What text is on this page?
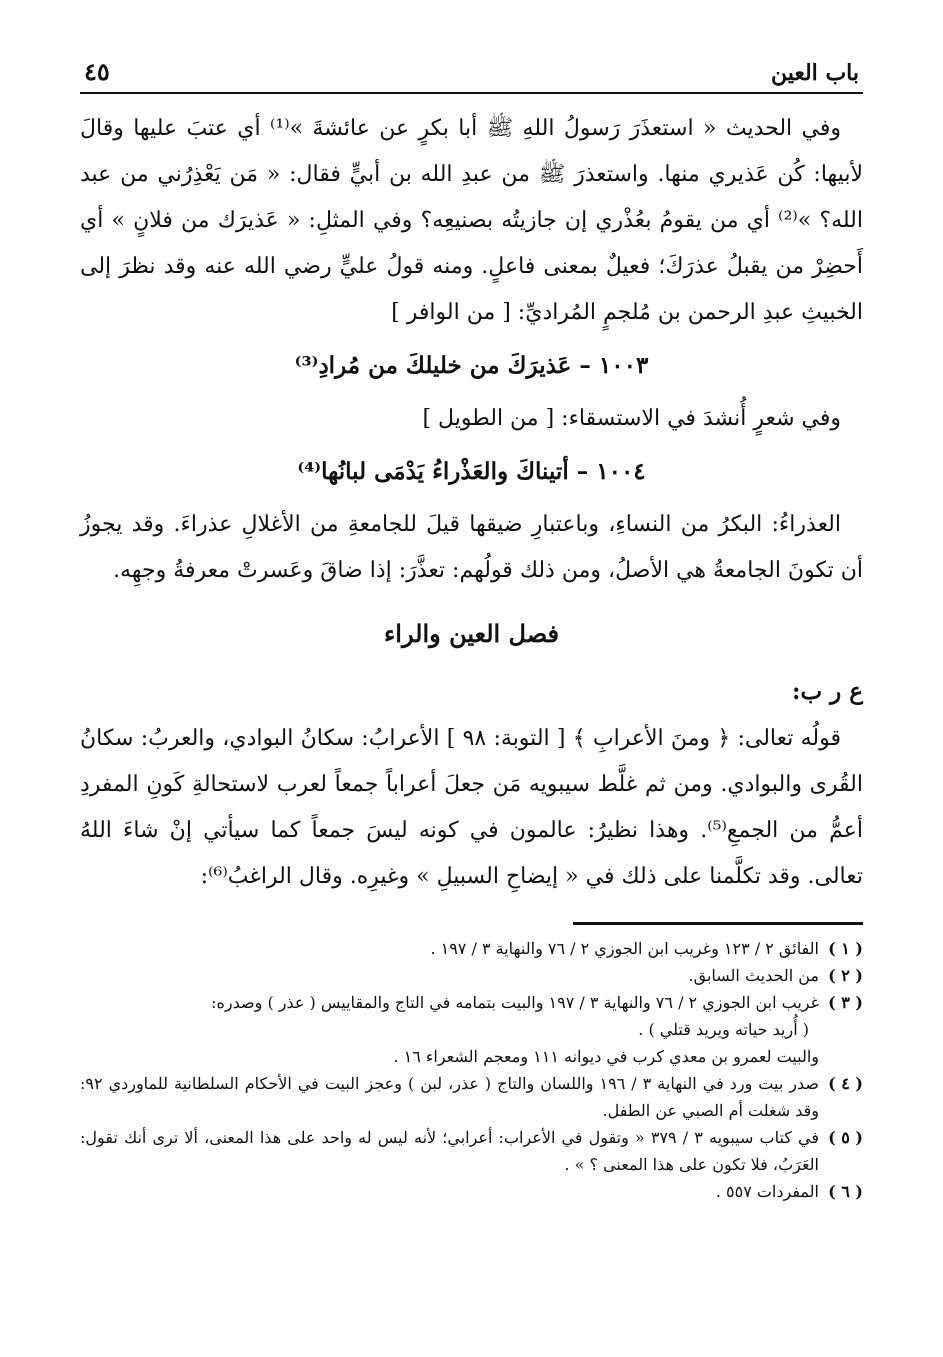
باب العين
٤٥

وفي الحديث « استعذَرَ رَسولُ اللهِ ﷺ أبا بكرٍ عن عائشةَ »⁽¹⁾ أي عتبَ عليها وقالَ لأبيها: كُن عَذيري منها. واستعذرَ ﷺ من عبدِ الله بن أبيٍّ فقال: « مَن يَعْذِرُني من عبد الله؟ »⁽²⁾ أي من يقومُ بعُذْري إن جازيتُه بصنيعِه؟ وفي المثلِ: « عَذيرَك من فلانٍ » أي أَحضِرْ من يقبلُ عذرَكَ؛ فعيلٌ بمعنى فاعلٍ. ومنه قولُ عليٍّ رضي الله عنه وقد نظرَ إلى الخبيثِ عبدِ الرحمن بن مُلجمٍ المُراديِّ: [ من الوافر ]

١٠٠٣ – عَذيرَكَ من خليلكَ من مُرادِ⁽³⁾

وفي شعرٍ أُنشدَ في الاستسقاء: [ من الطويل ]

١٠٠٤ – أتيناكَ والعَذْراءُ يَدْمَى لبانُها⁽⁴⁾

العذراءُ: البكرُ من النساءِ، وباعتبارِ ضيقها قيلَ للجامعةِ من الأغلالِ عذراءَ. وقد يجوزُ أن تكونَ الجامعةُ هي الأصلُ، ومن ذلك قولُهم: تعذَّرَ: إذا ضاقَ وعَسرتْ معرفةُ وجهِه.

فصل العين والراء

ع ر ب:

قولُه تعالى: ﴿ ومنَ الأعرابِ ﴾ [ التوبة: ٩٨ ] الأعرابُ: سكانُ البوادي، والعربُ: سكانُ القُرى والبوادي. ومن ثم غلَّط سيبويه مَن جعلَ أعراباً جمعاً لعرب لاستحالةِ كَونِ المفردِ أعمُّ من الجمعِ⁽⁵⁾. وهذا نظيرُ: عالمون في كونه ليسَ جمعاً كما سيأتي إنْ شاءَ اللهُ تعالى. وقد تكلَّمنا على ذلك في « إيضاحِ السبيلِ » وغيرِه. وقال الراغبُ⁽⁶⁾:

( ١ )
الفائق ٢ / ١٢٣ وغريب ابن الجوزي ٢ / ٧٦ والنهاية ٣ / ١٩٧ .
( ٢ )
من الحديث السابق.
( ٣ )
غريب ابن الجوزي ٢ / ٧٦ والنهاية ٣ / ١٩٧ والبيت بتمامه في التاج والمقاييس ( عذر ) وصدره:
( أُريد حياته ويريد قتلي ) .
والبيت لعمرو بن معدي كرب في ديوانه ١١١ ومعجم الشعراء ١٦ .
( ٤ )
صدر بيت ورد في النهاية ٣ / ١٩٦ واللسان والتاج ( عذر، لبن ) وعجز البيت في الأحكام السلطانية للماوردي ٩٢: وقد شغلت أم الصبي عن الطفل.
( ٥ )
في كتاب سيبويه ٣ / ٣٧٩ « وتقول في الأعراب: أعرابي؛ لأنه ليس له واحد على هذا المعنى، ألا ترى أنك تقول: العَرَبُ، فلا تكون على هذا المعنى ؟ » .
( ٦ )
المفردات ٥٥٧ .
